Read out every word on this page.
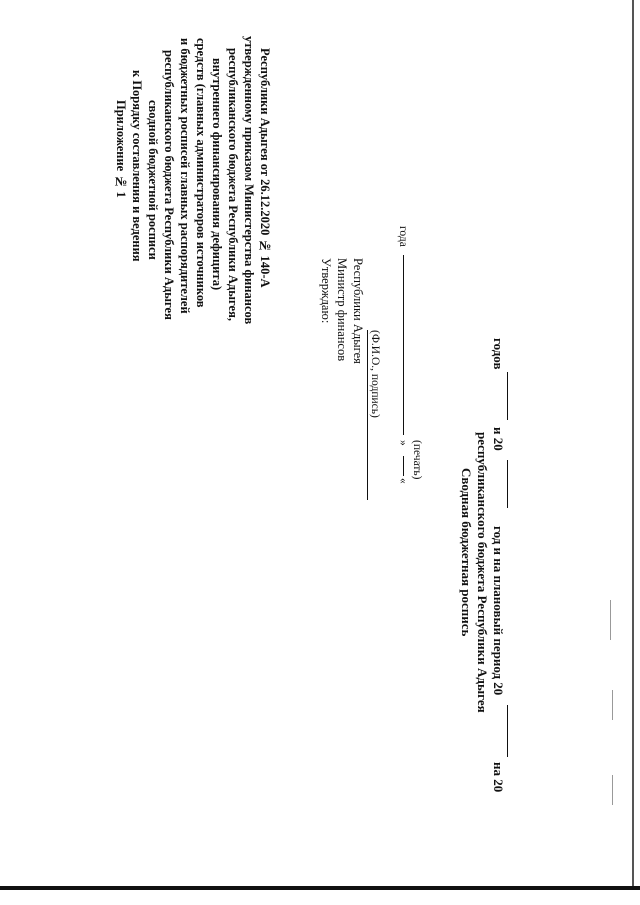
Приложение № 1 к Порядку составления и ведения сводной бюджетной росписи республиканского бюджета Республики Адыгея и бюджетных росписей главных распорядителей средств (главных администраторов источников внутреннего финансирования дефицита) республиканского бюджета Республики Адыгея, утвержденному приказом Министерства финансов Республики Адыгея от 26.12.2020 № 140-А
Утверждаю: Министр финансов Республики Адыгея
(Ф.И.О., подпись)
«
»
года
(печать)
Сводная бюджетная роспись республиканского бюджета Республики Адыгея
годов
и 20
год и на плановый период 20
на 20
